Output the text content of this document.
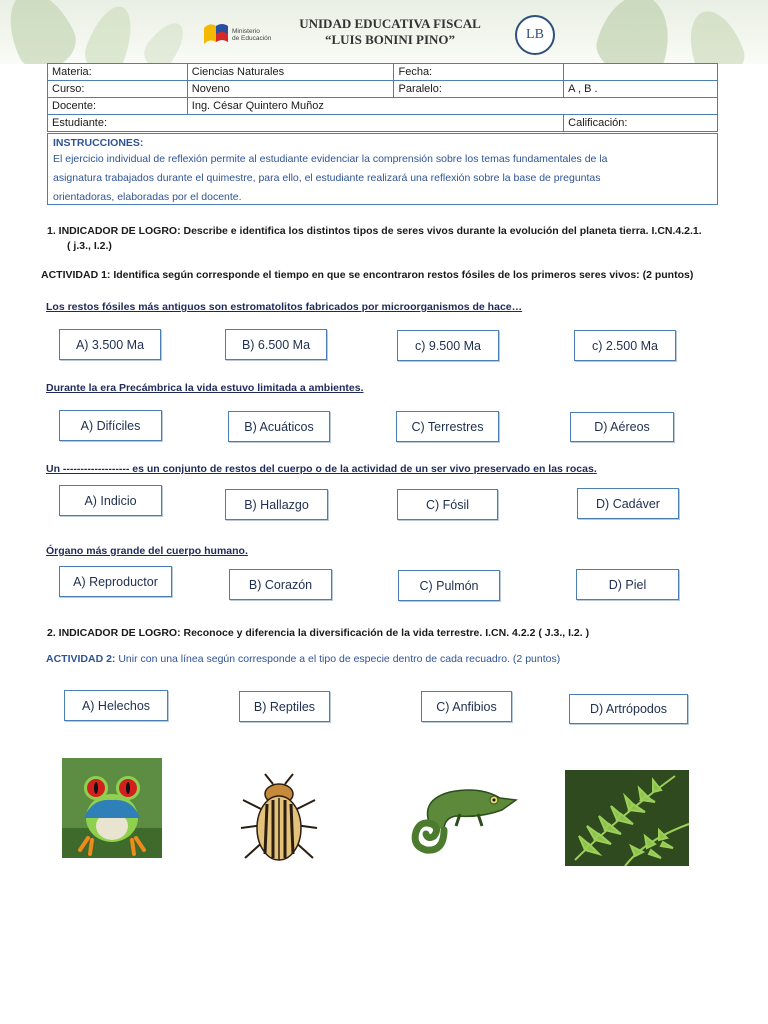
Ministerio
de Educación
UNIDAD EDUCATIVA FISCAL
“LUIS BONINI PINO”	LB
Materia:	Ciencias Naturales	Fecha:	
Curso:	Noveno	Paralelo:	A , B .
Docente:	Ing. César Quintero Muñoz		
Estudiante:			Calificación:
INSTRUCCIONES:
El ejercicio individual de reflexión permite al estudiante evidenciar la comprensión sobre los temas fundamentales de la
asignatura trabajados durante el quimestre, para ello, el estudiante realizará una reflexión sobre la base de preguntas
orientadoras, elaboradas por el docente.
1. INDICADOR DE LOGRO: Describe e identifica los distintos tipos de seres vivos durante la evolución del planeta tierra. I.CN.4.2.1.
( j.3., I.2.)
ACTIVIDAD 1: Identifica según corresponde el tiempo en que se encontraron restos fósiles de los primeros seres vivos: (2 puntos)
Los restos fósiles más antiguos son estromatolitos fabricados por microorganismos de hace…
A) 3.500 Ma	B) 6.500 Ma	c) 9.500 Ma	c) 2.500 Ma
Durante la era Precámbrica la vida estuvo limitada a ambientes.
A) Difíciles	B) Acuáticos	C) Terrestres	D) Aéreos
Un ------------------- es un conjunto de restos del cuerpo o de la actividad de un ser vivo preservado en las rocas.
A) Indicio	B) Hallazgo	C) Fósil	D) Cadáver
Órgano más grande del cuerpo humano.
A) Reproductor	B) Corazón	C) Pulmón	D) Piel
2. INDICADOR DE LOGRO: Reconoce y diferencia la diversificación de la vida terrestre. I.CN. 4.2.2 ( J.3., I.2. )
ACTIVIDAD 2: Unir con una línea según corresponde a el tipo de especie dentro de cada recuadro. (2 puntos)
A) Helechos	B) Reptiles	C) Anfibios	D) Artrópodos
